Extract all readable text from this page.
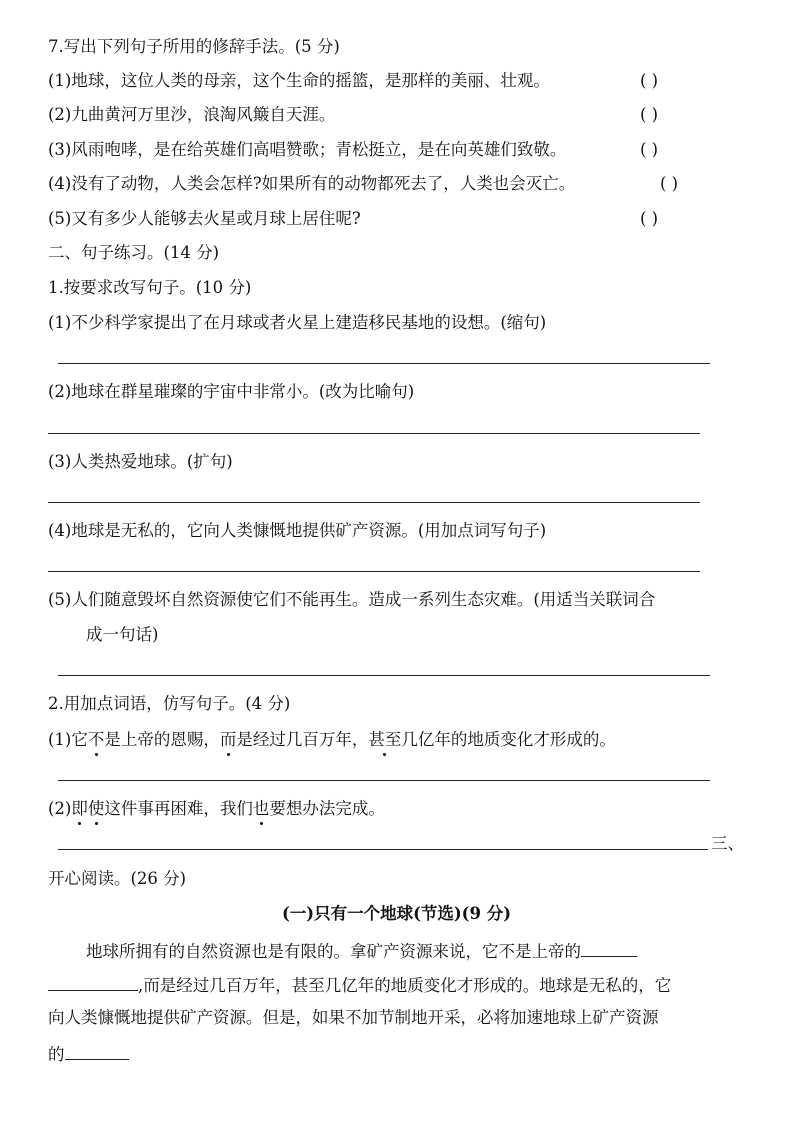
7.写出下列句子所用的修辞手法。(5 分)
(1)地球，这位人类的母亲，这个生命的摇篮，是那样的美丽、壮观。	( )
(2)九曲黄河万里沙，浪淘风簸自天涯。	( )
(3)风雨咆哮，是在给英雄们高唱赞歌；青松挺立，是在向英雄们致敬。	( )
(4)没有了动物，人类会怎样?如果所有的动物都死去了，人类也会灭亡。	( )
(5)又有多少人能够去火星或月球上居住呢?	( )
二、句子练习。(14 分)
1.按要求改写句子。(10 分)
(1)不少科学家提出了在月球或者火星上建造移民基地的设想。(缩句)
(2)地球在群星璀璨的宇宙中非常小。(改为比喻句)
(3)人类热爱地球。(扩句)
(4)地球是无私的，它向人类慷慨地提供矿产资源。(用加点词写句子)
(5)人们随意毁坏自然资源使它们不能再生。造成一系列生态灾难。(用适当关联词合
成一句话)
2.用加点词语，仿写句子。(4 分)
(1)它不是上帝的恩赐，而是经过几百万年，甚至几亿年的地质变化才形成的。
(2)即使这件事再困难，我们也要想办法完成。
三、
开心阅读。(26 分)
(一)只有一个地球(节选)(9 分)
地球所拥有的自然资源也是有限的。拿矿产资源来说，它不是上帝的
,而是经过几百万年，甚至几亿年的地质变化才形成的。地球是无私的，它
向人类慷慨地提供矿产资源。但是，如果不加节制地开采，必将加速地球上矿产资源
的
